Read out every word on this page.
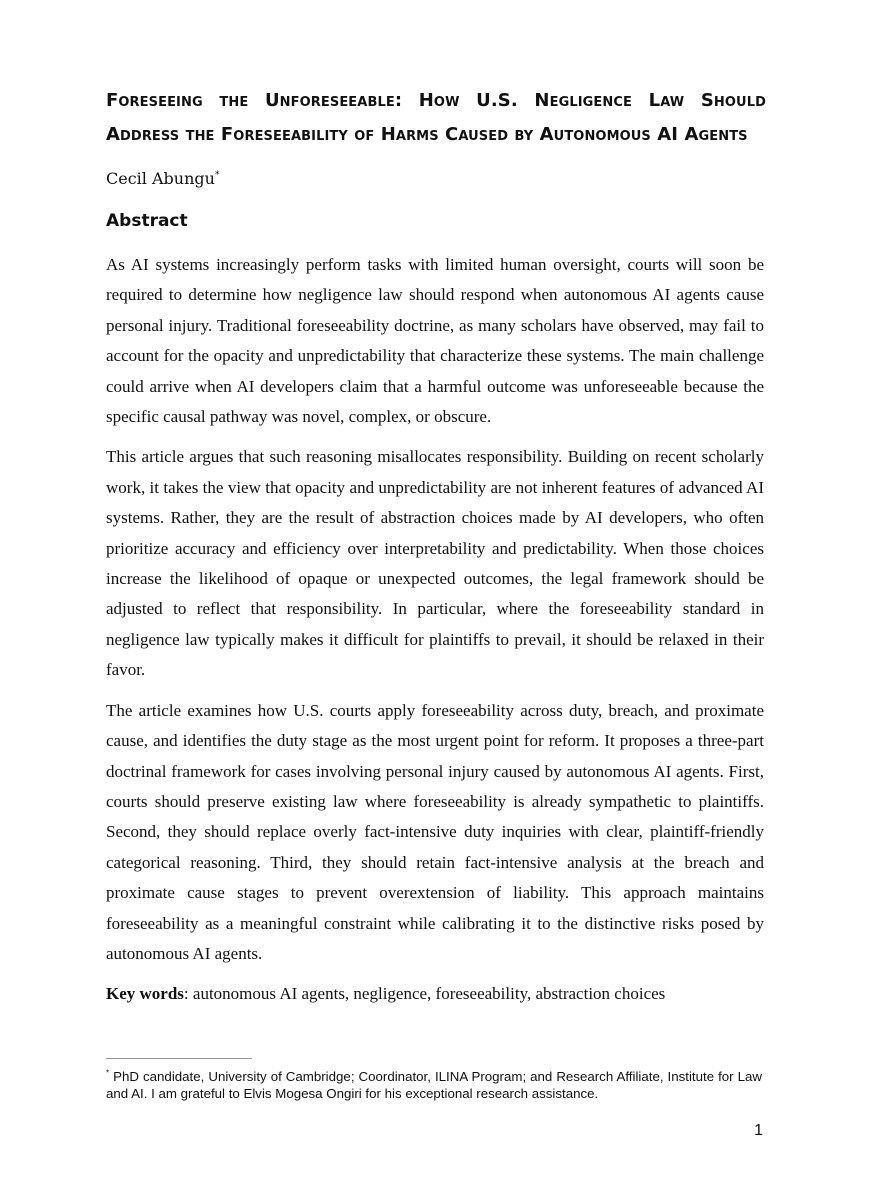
Foreseeing the Unforeseeable: How U.S. Negligence Law Should
Address the Foreseeability of Harms Caused by Autonomous AI Agents

Cecil Abungu*

Abstract

As AI systems increasingly perform tasks with limited human oversight, courts will soon be required to determine how negligence law should respond when autonomous AI agents cause personal injury. Traditional foreseeability doctrine, as many scholars have observed, may fail to account for the opacity and unpredictability that characterize these systems. The main challenge could arrive when AI developers claim that a harmful outcome was unforeseeable because the specific causal pathway was novel, complex, or obscure.

This article argues that such reasoning misallocates responsibility. Building on recent scholarly work, it takes the view that opacity and unpredictability are not inherent features of advanced AI systems. Rather, they are the result of abstraction choices made by AI developers, who often prioritize accuracy and efficiency over interpretability and predictability. When those choices increase the likelihood of opaque or unexpected outcomes, the legal framework should be adjusted to reflect that responsibility. In particular, where the foreseeability standard in negligence law typically makes it difficult for plaintiffs to prevail, it should be relaxed in their favor.

The article examines how U.S. courts apply foreseeability across duty, breach, and proximate cause, and identifies the duty stage as the most urgent point for reform. It proposes a three-part doctrinal framework for cases involving personal injury caused by autonomous AI agents. First, courts should preserve existing law where foreseeability is already sympathetic to plaintiffs. Second, they should replace overly fact-intensive duty inquiries with clear, plaintiff-friendly categorical reasoning. Third, they should retain fact-intensive analysis at the breach and proximate cause stages to prevent overextension of liability. This approach maintains foreseeability as a meaningful constraint while calibrating it to the distinctive risks posed by autonomous AI agents.

Key words: autonomous AI agents, negligence, foreseeability, abstraction choices

* PhD candidate, University of Cambridge; Coordinator, ILINA Program; and Research Affiliate, Institute for Law and AI. I am grateful to Elvis Mogesa Ongiri for his exceptional research assistance.

1
